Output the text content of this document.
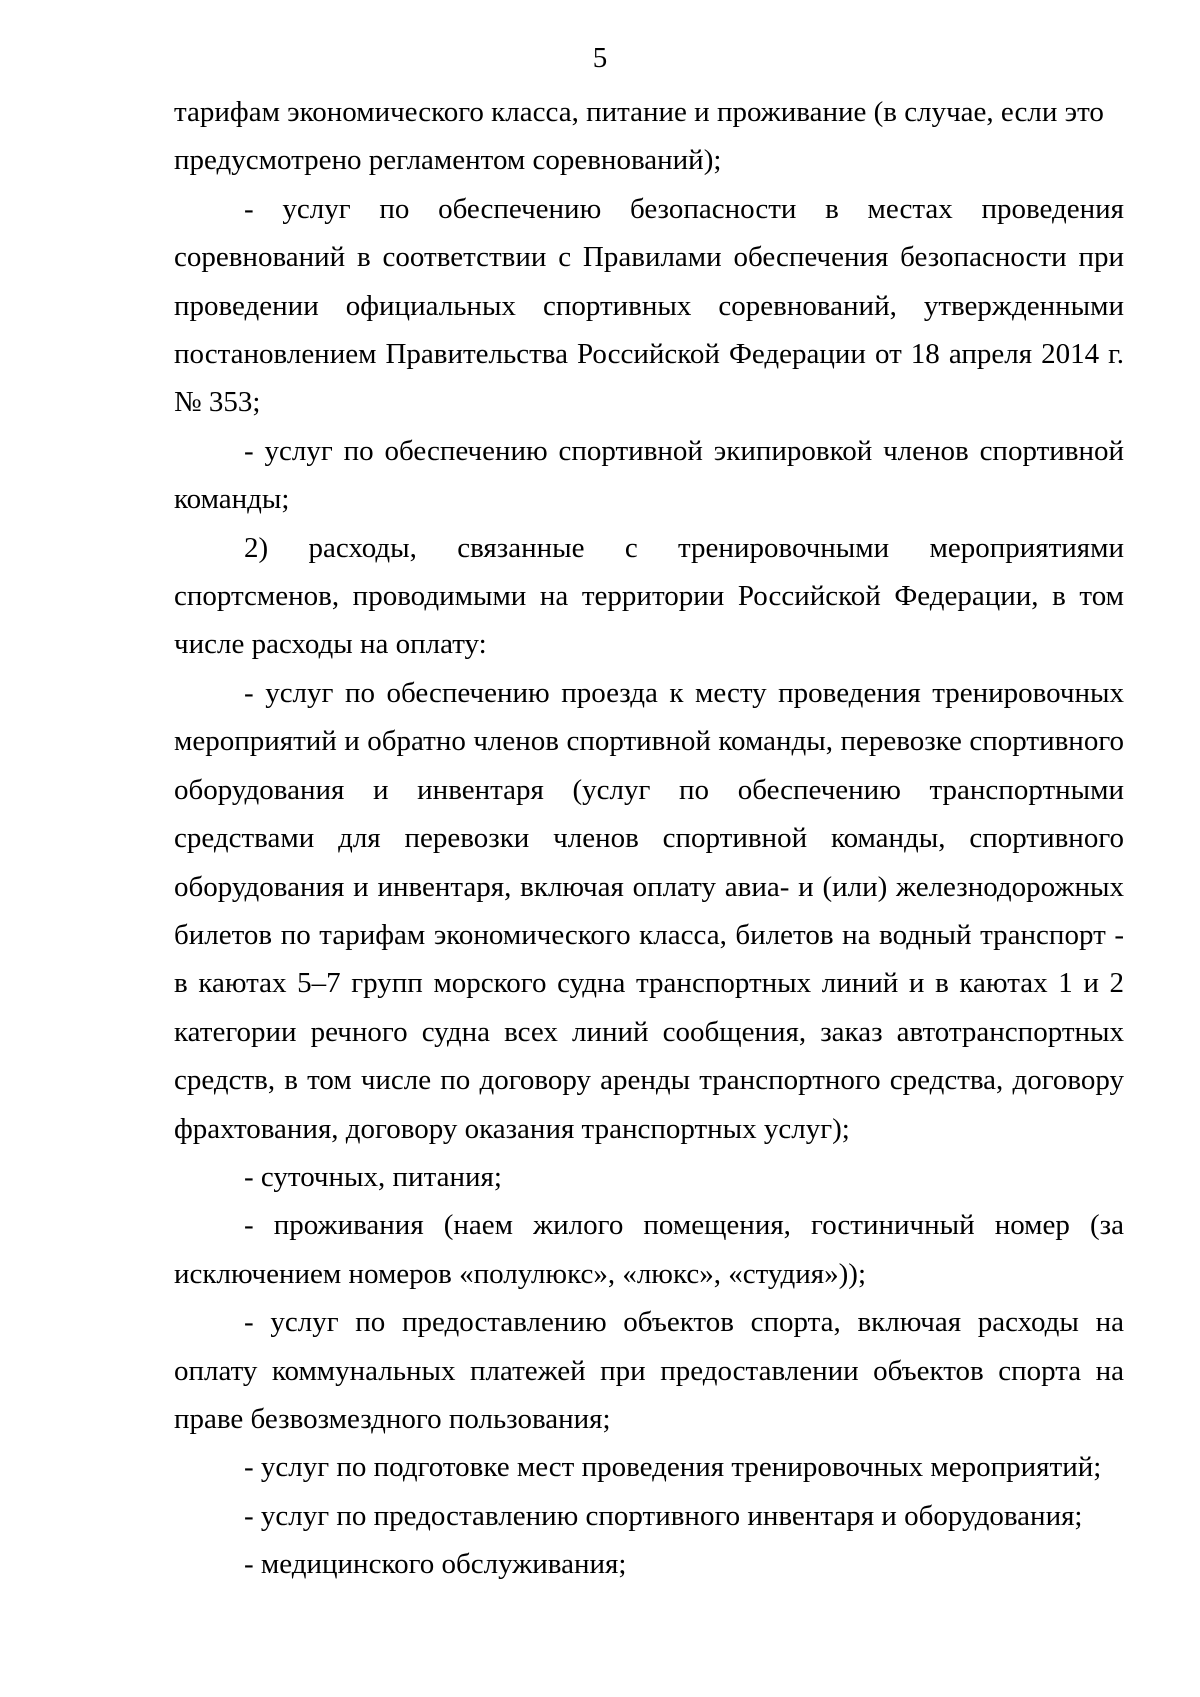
5

тарифам экономического класса, питание и проживание (в случае, если это предусмотрено регламентом соревнований);

- услуг по обеспечению безопасности в местах проведения соревнований в соответствии с Правилами обеспечения безопасности при проведении официальных спортивных соревнований, утвержденными постановлением Правительства Российской Федерации от 18 апреля 2014 г. № 353;

- услуг по обеспечению спортивной экипировкой членов спортивной команды;

2) расходы, связанные с тренировочными мероприятиями спортсменов, проводимыми на территории Российской Федерации, в том числе расходы на оплату:

- услуг по обеспечению проезда к месту проведения тренировочных мероприятий и обратно членов спортивной команды, перевозке спортивного оборудования и инвентаря (услуг по обеспечению транспортными средствами для перевозки членов спортивной команды, спортивного оборудования и инвентаря, включая оплату авиа- и (или) железнодорожных билетов по тарифам экономического класса, билетов на водный транспорт - в каютах 5–7 групп морского судна транспортных линий и в каютах 1 и 2 категории речного судна всех линий сообщения, заказ автотранспортных средств, в том числе по договору аренды транспортного средства, договору фрахтования, договору оказания транспортных услуг);

- суточных, питания;

- проживания (наем жилого помещения, гостиничный номер (за исключением номеров «полулюкс», «люкс», «студия»));

- услуг по предоставлению объектов спорта, включая расходы на оплату коммунальных платежей при предоставлении объектов спорта на праве безвозмездного пользования;

- услуг по подготовке мест проведения тренировочных мероприятий;

- услуг по предоставлению спортивного инвентаря и оборудования;

- медицинского обслуживания;
